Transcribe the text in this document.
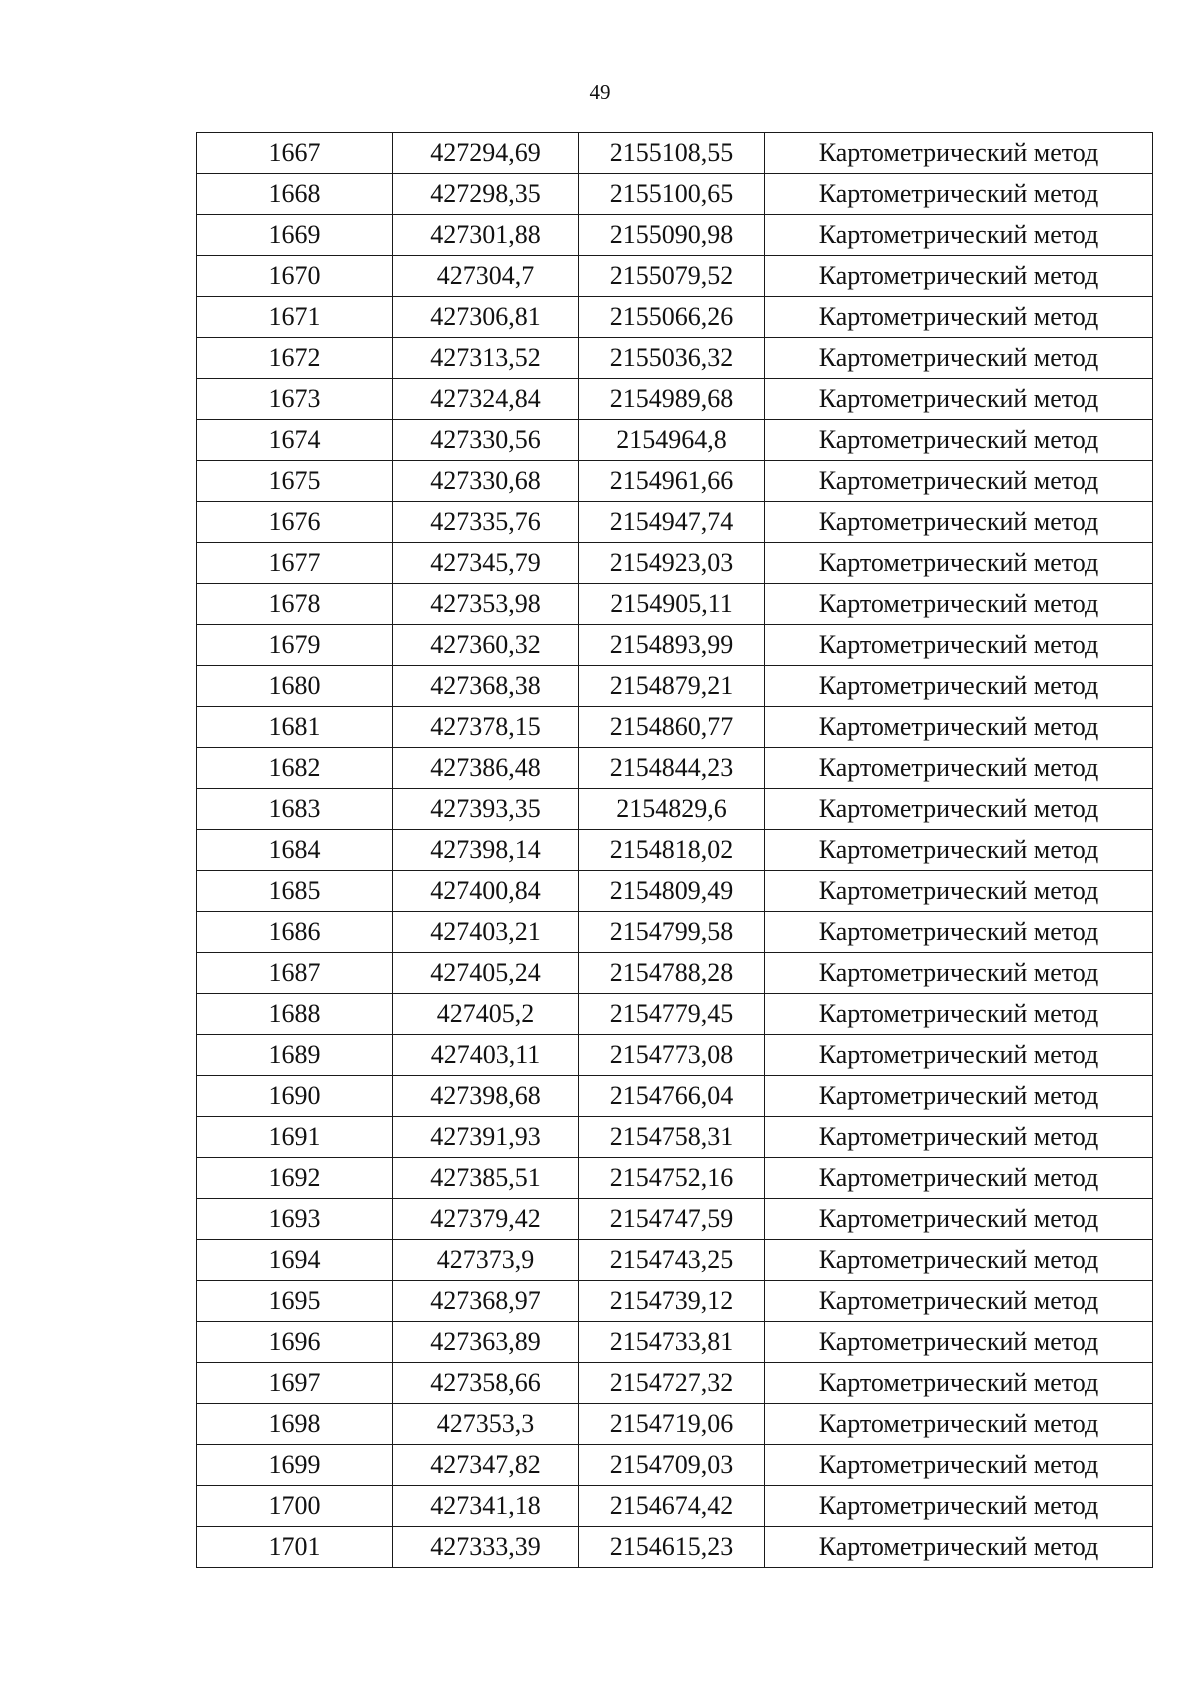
49
1667	427294,69	2155108,55	Картометрический метод
1668	427298,35	2155100,65	Картометрический метод
1669	427301,88	2155090,98	Картометрический метод
1670	427304,7	2155079,52	Картометрический метод
1671	427306,81	2155066,26	Картометрический метод
1672	427313,52	2155036,32	Картометрический метод
1673	427324,84	2154989,68	Картометрический метод
1674	427330,56	2154964,8	Картометрический метод
1675	427330,68	2154961,66	Картометрический метод
1676	427335,76	2154947,74	Картометрический метод
1677	427345,79	2154923,03	Картометрический метод
1678	427353,98	2154905,11	Картометрический метод
1679	427360,32	2154893,99	Картометрический метод
1680	427368,38	2154879,21	Картометрический метод
1681	427378,15	2154860,77	Картометрический метод
1682	427386,48	2154844,23	Картометрический метод
1683	427393,35	2154829,6	Картометрический метод
1684	427398,14	2154818,02	Картометрический метод
1685	427400,84	2154809,49	Картометрический метод
1686	427403,21	2154799,58	Картометрический метод
1687	427405,24	2154788,28	Картометрический метод
1688	427405,2	2154779,45	Картометрический метод
1689	427403,11	2154773,08	Картометрический метод
1690	427398,68	2154766,04	Картометрический метод
1691	427391,93	2154758,31	Картометрический метод
1692	427385,51	2154752,16	Картометрический метод
1693	427379,42	2154747,59	Картометрический метод
1694	427373,9	2154743,25	Картометрический метод
1695	427368,97	2154739,12	Картометрический метод
1696	427363,89	2154733,81	Картометрический метод
1697	427358,66	2154727,32	Картометрический метод
1698	427353,3	2154719,06	Картометрический метод
1699	427347,82	2154709,03	Картометрический метод
1700	427341,18	2154674,42	Картометрический метод
1701	427333,39	2154615,23	Картометрический метод
